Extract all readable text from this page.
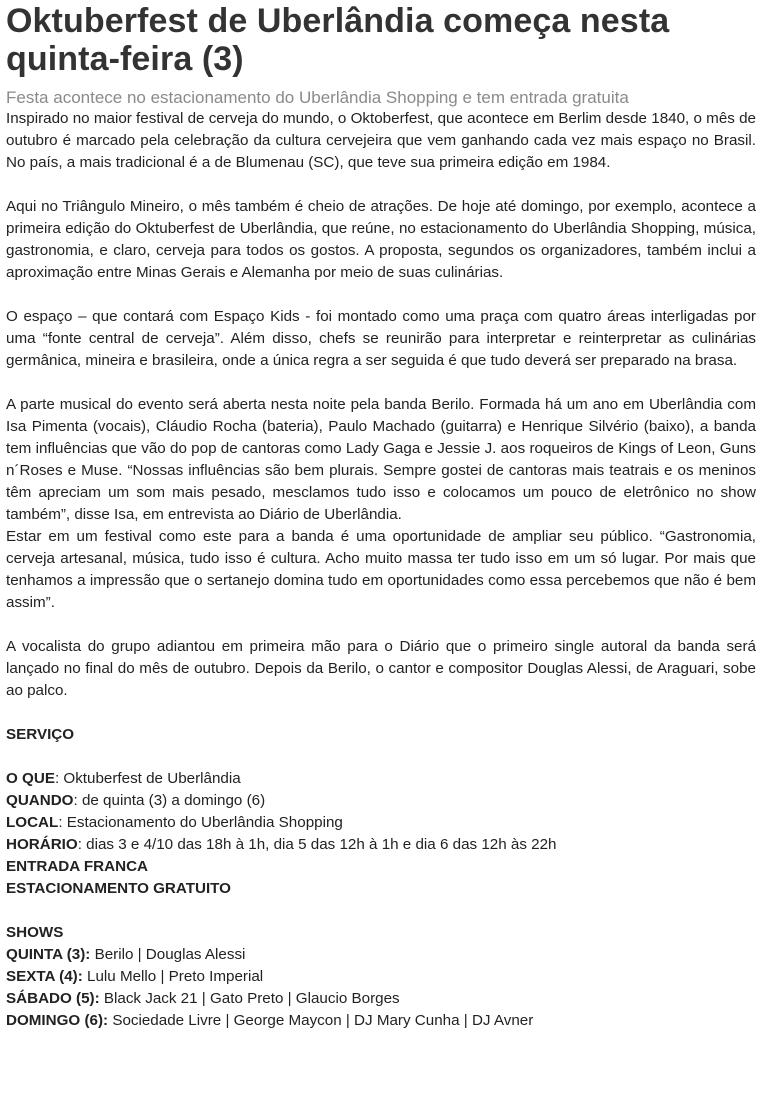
Oktuberfest de Uberlândia começa nesta quinta-feira (3)

Festa acontece no estacionamento do Uberlândia Shopping e tem entrada gratuita

Inspirado no maior festival de cerveja do mundo, o Oktoberfest, que acontece em Berlim desde 1840, o mês de outubro é marcado pela celebração da cultura cervejeira que vem ganhando cada vez mais espaço no Brasil. No país, a mais tradicional é a de Blumenau (SC), que teve sua primeira edição em 1984.

Aqui no Triângulo Mineiro, o mês também é cheio de atrações. De hoje até domingo, por exemplo, acontece a primeira edição do Oktuberfest de Uberlândia, que reúne, no estacionamento do Uberlândia Shopping, música, gastronomia, e claro, cerveja para todos os gostos. A proposta, segundos os organizadores, também inclui a aproximação entre Minas Gerais e Alemanha por meio de suas culinárias.

O espaço – que contará com Espaço Kids - foi montado como uma praça com quatro áreas interligadas por uma “fonte central de cerveja”. Além disso, chefs se reunirão para interpretar e reinterpretar as culinárias germânica, mineira e brasileira, onde a única regra a ser seguida é que tudo deverá ser preparado na brasa.

A parte musical do evento será aberta nesta noite pela banda Berilo. Formada há um ano em Uberlândia com Isa Pimenta (vocais), Cláudio Rocha (bateria), Paulo Machado (guitarra) e Henrique Silvério (baixo), a banda tem influências que vão do pop de cantoras como Lady Gaga e Jessie J. aos roqueiros de Kings of Leon, Guns n´Roses e Muse. “Nossas influências são bem plurais. Sempre gostei de cantoras mais teatrais e os meninos têm apreciam um som mais pesado, mesclamos tudo isso e colocamos um pouco de eletrônico no show também”, disse Isa, em entrevista ao Diário de Uberlândia.

Estar em um festival como este para a banda é uma oportunidade de ampliar seu público. “Gastronomia, cerveja artesanal, música, tudo isso é cultura. Acho muito massa ter tudo isso em um só lugar. Por mais que tenhamos a impressão que o sertanejo domina tudo em oportunidades como essa percebemos que não é bem assim”.

A vocalista do grupo adiantou em primeira mão para o Diário que o primeiro single autoral da banda será lançado no final do mês de outubro. Depois da Berilo, o cantor e compositor Douglas Alessi, de Araguari, sobe ao palco.

SERVIÇO

O QUE: Oktuberfest de Uberlândia

QUANDO: de quinta (3) a domingo (6)

LOCAL: Estacionamento do Uberlândia Shopping

HORÁRIO: dias 3 e 4/10 das 18h à 1h, dia 5 das 12h à 1h e dia 6 das 12h às 22h

ENTRADA FRANCA

ESTACIONAMENTO GRATUITO

SHOWS

QUINTA (3): Berilo | Douglas Alessi

SEXTA (4): Lulu Mello | Preto Imperial

SÁBADO (5): Black Jack 21 | Gato Preto | Glaucio Borges

DOMINGO (6): Sociedade Livre | George Maycon | DJ Mary Cunha | DJ Avner
